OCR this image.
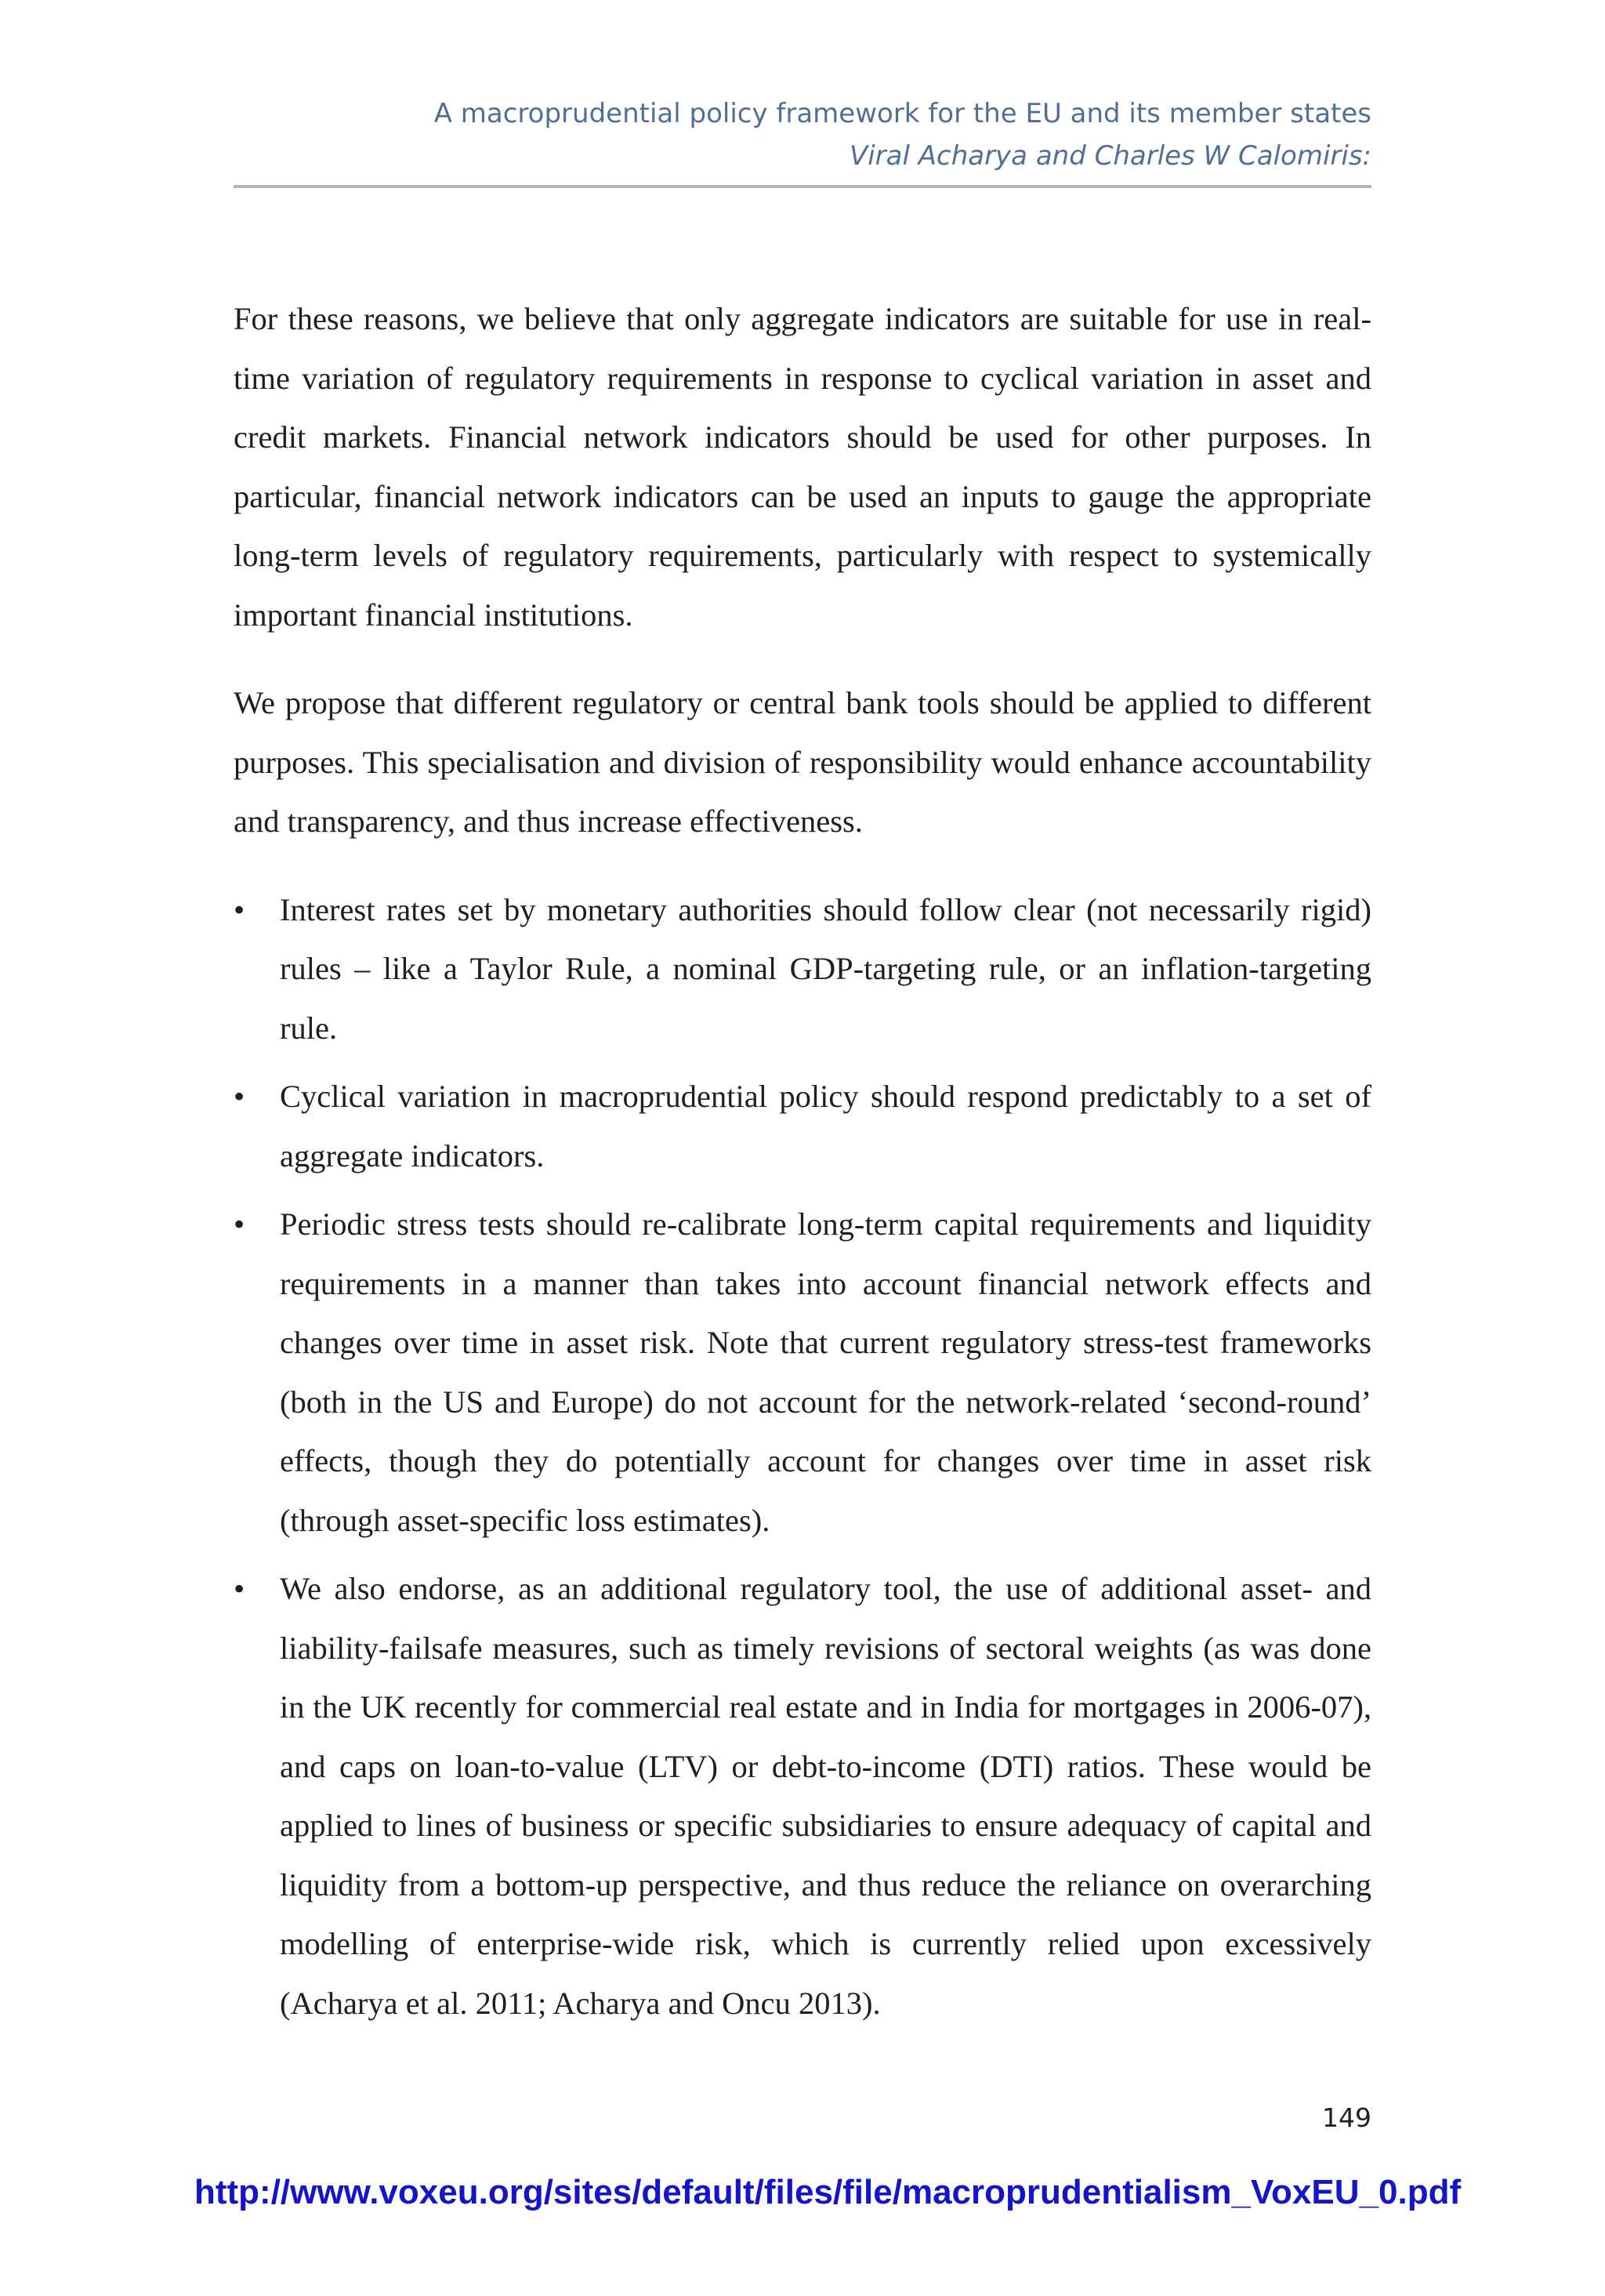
A macroprudential policy framework for the EU and its member states
Viral Acharya and Charles W Calomiris:

For these reasons, we believe that only aggregate indicators are suitable for use in real-time variation of regulatory requirements in response to cyclical variation in asset and credit markets. Financial network indicators should be used for other purposes. In particular, financial network indicators can be used an inputs to gauge the appropriate long-term levels of regulatory requirements, particularly with respect to systemically important financial institutions.

We propose that different regulatory or central bank tools should be applied to different purposes. This specialisation and division of responsibility would enhance accountability and transparency, and thus increase effectiveness.

• Interest rates set by monetary authorities should follow clear (not necessarily rigid) rules – like a Taylor Rule, a nominal GDP-targeting rule, or an inflation-targeting rule.
• Cyclical variation in macroprudential policy should respond predictably to a set of aggregate indicators.
• Periodic stress tests should re-calibrate long-term capital requirements and liquidity requirements in a manner than takes into account financial network effects and changes over time in asset risk. Note that current regulatory stress-test frameworks (both in the US and Europe) do not account for the network-related ‘second-round’ effects, though they do potentially account for changes over time in asset risk (through asset-specific loss estimates).
• We also endorse, as an additional regulatory tool, the use of additional asset- and liability-failsafe measures, such as timely revisions of sectoral weights (as was done in the UK recently for commercial real estate and in India for mortgages in 2006-07), and caps on loan-to-value (LTV) or debt-to-income (DTI) ratios. These would be applied to lines of business or specific subsidiaries to ensure adequacy of capital and liquidity from a bottom-up perspective, and thus reduce the reliance on overarching modelling of enterprise-wide risk, which is currently relied upon excessively (Acharya et al. 2011; Acharya and Oncu 2013).
149
http://www.voxeu.org/sites/default/files/file/macroprudentialism_VoxEU_0.pdf
